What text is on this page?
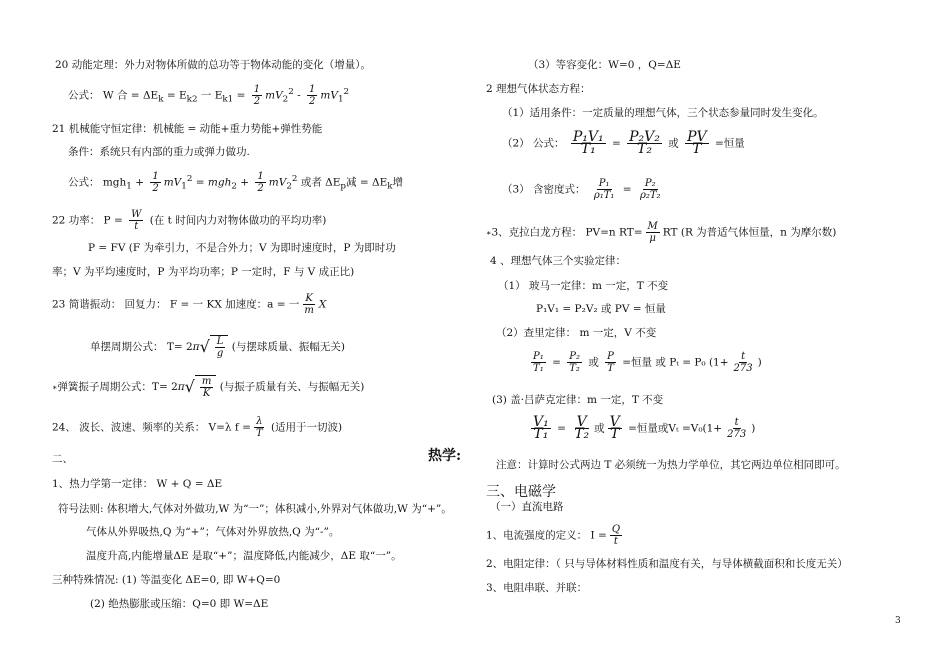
20 动能定理：外力对物体所做的总功等于物体动能的变化（增量）。
公式： W 合 = $\Delta E_k = E_{k2}$ 一 $E_{k1} = \frac{1}{2} mV_2^2 - \frac{1}{2} mV_1^2$
21 机械能守恒定律：机械能 = 动能+重力势能+弹性势能
条件：系统只有内部的重力或弹力做功.
公式： $mgh_1 + \frac{1}{2} mV_1^2 = mgh_2 + \frac{1}{2} mV_2^2$ 或者 $\Delta E_p$减 = $\Delta E_k$增
22 功率： $P = \frac{W}{t}$ (在 t 时间内力对物体做功的平均功率)
P = FV (F 为牵引力，不是合外力；V 为即时速度时，P 为即时功
率；V 为平均速度时，P 为平均功率；P 一定时，F 与 V 成正比)
23 简谐振动： 回复力： F = 一 KX 加速度：a = 一 $\frac{K}{m}$ X
单摆周期公式： T= 2π √ $\frac{L}{g}$ (与摆球质量、振幅无关)
∗弹簧振子周期公式：T= 2π √ $\frac{m}{K}$ (与振子质量有关、与振幅无关)
24、 波长、波速、频率的关系： V=λ $f = \frac{\lambda}{T}$ (适用于一切波)
二、	热学:
1、热力学第一定律： W + Q = ΔE
符号法则: 体积增大,气体对外做功,W 为“一”；体积减小,外界对气体做功,W 为“+”。
气体从外界吸热,Q 为“+”；气体对外界放热,Q 为“-”。
温度升高,内能增量ΔE 是取“+”；温度降低,内能减少，ΔE 取“一”。
三种特殊情况: (1) 等温变化 ΔE=0, 即 W+Q=0
(2) 绝热膨胀或压缩：Q=0 即 W=ΔE
（3）等容变化：W=0 ，Q=ΔE
2 理想气体状态方程：
（1）适用条件：一定质量的理想气体，三个状态参量同时发生变化。
（2） 公式： $\frac{\text{P₁V₁}}{\text{T₁}} = \frac{\text{P₂V₂}}{\text{T₂}}$ 或 $\frac{PV}{T}$ =恒量
（3） 含密度式： $\frac{\text{P₁}}{\text{ρ₁T₁}} = \frac{\text{P₂}}{\text{ρ₂T₂}}$
∗3、克拉白龙方程： PV=n $RT= \frac{M}{\mu}$ RT (R 为普适气体恒量，n 为摩尔数)
4 、理想气体三个实验定律：
（1） 玻马一定律：m 一定，T 不变
P₁V₁ = P₂V₂ 或 PV = 恒量
（2）查里定律： m 一定，V 不变
$\frac{\text{P₁}}{\text{T₁}} = \frac{\text{P₂}}{\text{T₂}}$ 或 $\frac{P}{T}$ =恒量 或 Pₜ = P₀ ($1+ \frac{t}{273}$ )
(3) 盖·吕萨克定律：m 一定，T 不变
$\frac{\text{V₁}}{\text{T₁}} = \frac{V}{\text{T₂}}$ 或 $\frac{V}{T}$ =恒量或$V_t =V_0(1+ \frac{t}{273}$ )
注意：计算时公式两边 T 必须统一为热力学单位，其它两边单位相同即可。
三、电磁学
（一）直流电路
1、电流强度的定义： $I = \frac{Q}{t}$
2、电阻定律：（ 只与导体材料性质和温度有关，与导体横截面积和长度无关）
3、电阻串联、并联：
3
